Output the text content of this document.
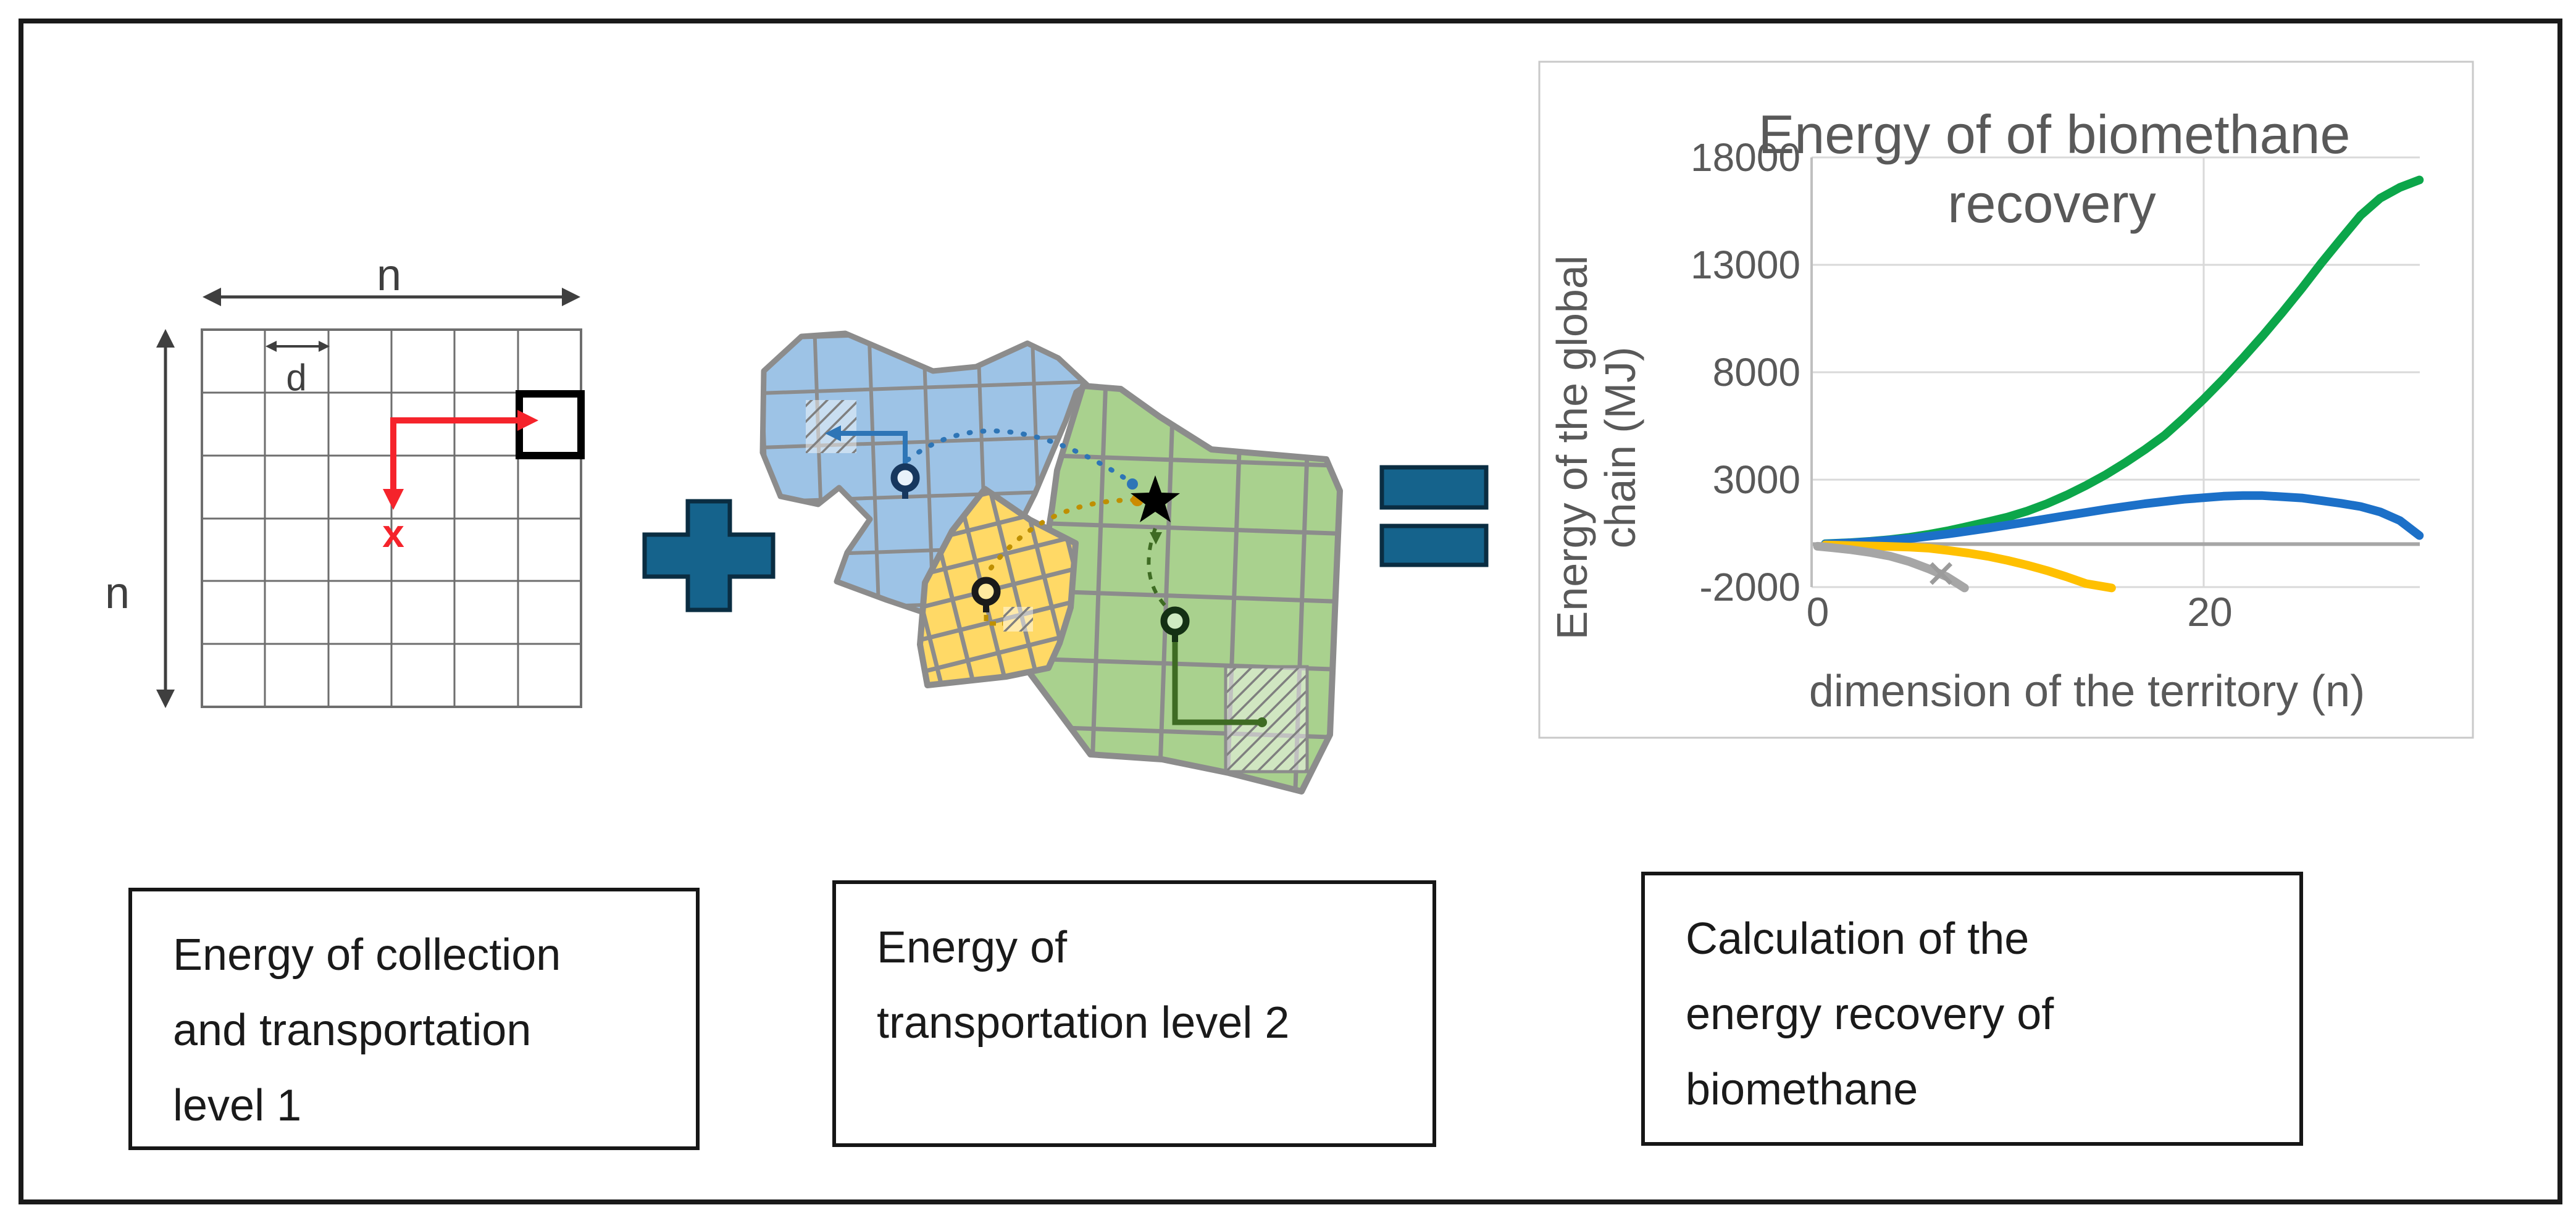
n
n
d
x
18000
13000
8000
3000
-2000
0	20
Energy of of biomethane
recovery
Energy of the global chain (MJ)
dimension of the territory (n)
Energy of collection
and transportation
level 1
Energy of
transportation level 2
Calculation of the
energy recovery of
biomethane
